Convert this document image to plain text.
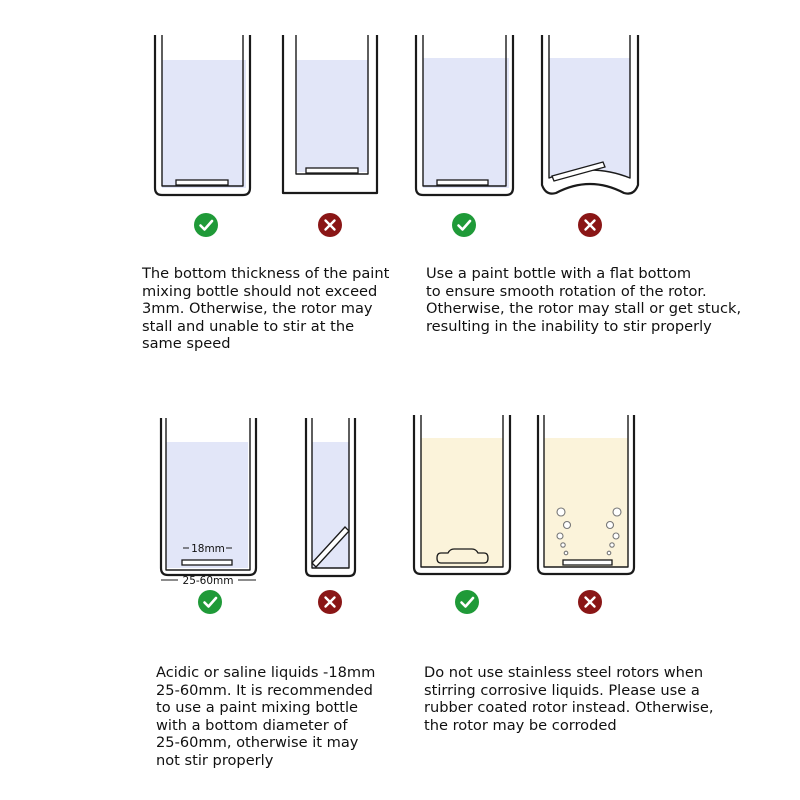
18mm
25-60mm

The bottom thickness of the paint
mixing bottle should not exceed
3mm. Otherwise, the rotor may
stall and unable to stir at the
same speed

Use a paint bottle with a flat bottom
to ensure smooth rotation of the rotor.
Otherwise, the rotor may stall or get stuck,
resulting in the inability to stir properly

Acidic or saline liquids -18mm
25-60mm. It is recommended
to use a paint mixing bottle
with a bottom diameter of
25-60mm, otherwise it may
not stir properly

Do not use stainless steel rotors when
stirring corrosive liquids. Please use a
rubber coated rotor instead. Otherwise,
the rotor may be corroded
